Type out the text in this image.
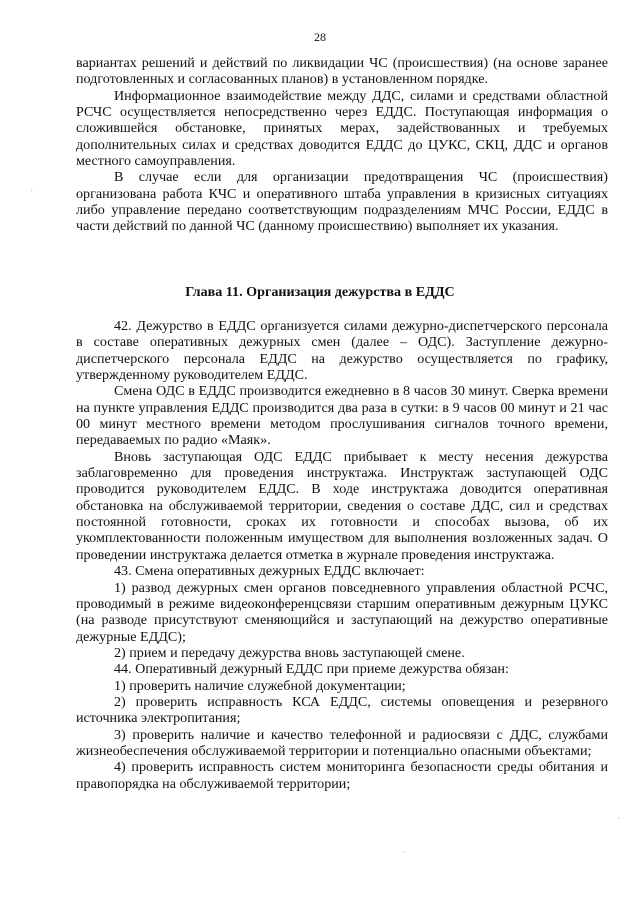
28

вариантах решений и действий по ликвидации ЧС (происшествия) (на основе заранее подготовленных и согласованных планов) в установленном порядке.

Информационное взаимодействие между ДДС, силами и средствами областной РСЧС осуществляется непосредственно через ЕДДС. Поступающая информация о сложившейся обстановке, принятых мерах, задействованных и требуемых дополнительных силах и средствах доводится ЕДДС до ЦУКС, СКЦ, ДДС и органов местного самоуправления.

В случае если для организации предотвращения ЧС (происшествия) организована работа КЧС и оперативного штаба управления в кризисных ситуациях либо управление передано соответствующим подразделениям МЧС России, ЕДДС в части действий по данной ЧС (данному происшествию) выполняет их указания.

Глава 11. Организация дежурства в ЕДДС

42. Дежурство в ЕДДС организуется силами дежурно-диспетчерского персонала в составе оперативных дежурных смен (далее – ОДС). Заступление дежурно-диспетчерского персонала ЕДДС на дежурство осуществляется по графику, утвержденному руководителем ЕДДС.

Смена ОДС в ЕДДС производится ежедневно в 8 часов 30 минут. Сверка времени на пункте управления ЕДДС производится два раза в сутки: в 9 часов 00 минут и 21 час 00 минут местного времени методом прослушивания сигналов точного времени, передаваемых по радио «Маяк».

Вновь заступающая ОДС ЕДДС прибывает к месту несения дежурства заблаговременно для проведения инструктажа. Инструктаж заступающей ОДС проводится руководителем ЕДДС. В ходе инструктажа доводится оперативная обстановка на обслуживаемой территории, сведения о составе ДДС, сил и средствах постоянной готовности, сроках их готовности и способах вызова, об их укомплектованности положенным имуществом для выполнения возложенных задач. О проведении инструктажа делается отметка в журнале проведения инструктажа.

43. Смена оперативных дежурных ЕДДС включает:

1) развод дежурных смен органов повседневного управления областной РСЧС, проводимый в режиме видеоконференцсвязи старшим оперативным дежурным ЦУКС (на разводе присутствуют сменяющийся и заступающий на дежурство оперативные дежурные ЕДДС);

2) прием и передачу дежурства вновь заступающей смене.

44. Оперативный дежурный ЕДДС при приеме дежурства обязан:

1) проверить наличие служебной документации;

2) проверить исправность КСА ЕДДС, системы оповещения и резервного источника электропитания;

3) проверить наличие и качество телефонной и радиосвязи с ДДС, службами жизнеобеспечения обслуживаемой территории и потенциально опасными объектами;

4) проверить исправность систем мониторинга безопасности среды обитания и правопорядка на обслуживаемой территории;

·
·
·
